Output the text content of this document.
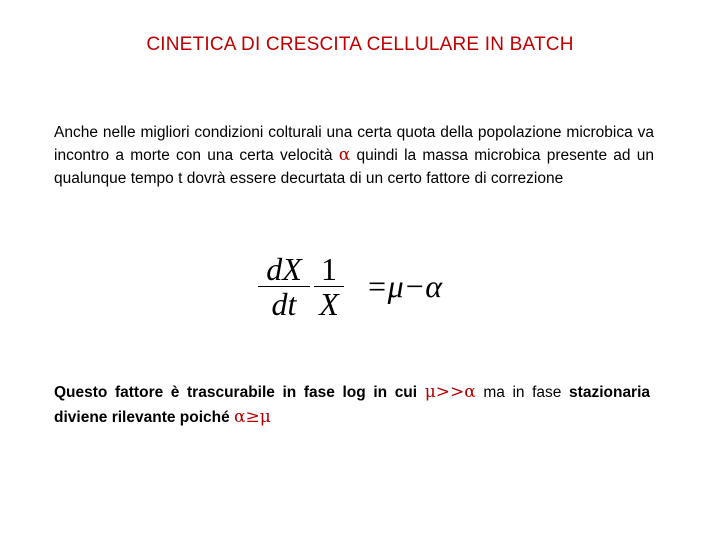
CINETICA DI CRESCITA CELLULARE IN BATCH
Anche nelle migliori condizioni colturali una certa quota della popolazione microbica va incontro a morte con una certa velocità α quindi la massa microbica presente ad un qualunque tempo t dovrà essere decurtata di un certo fattore di correzione
dX
dt
1
X =μ−α
Questo fattore è trascurabile in fase log in cui μ>>α ma in fase stazionaria diviene rilevante poiché α≥μ
